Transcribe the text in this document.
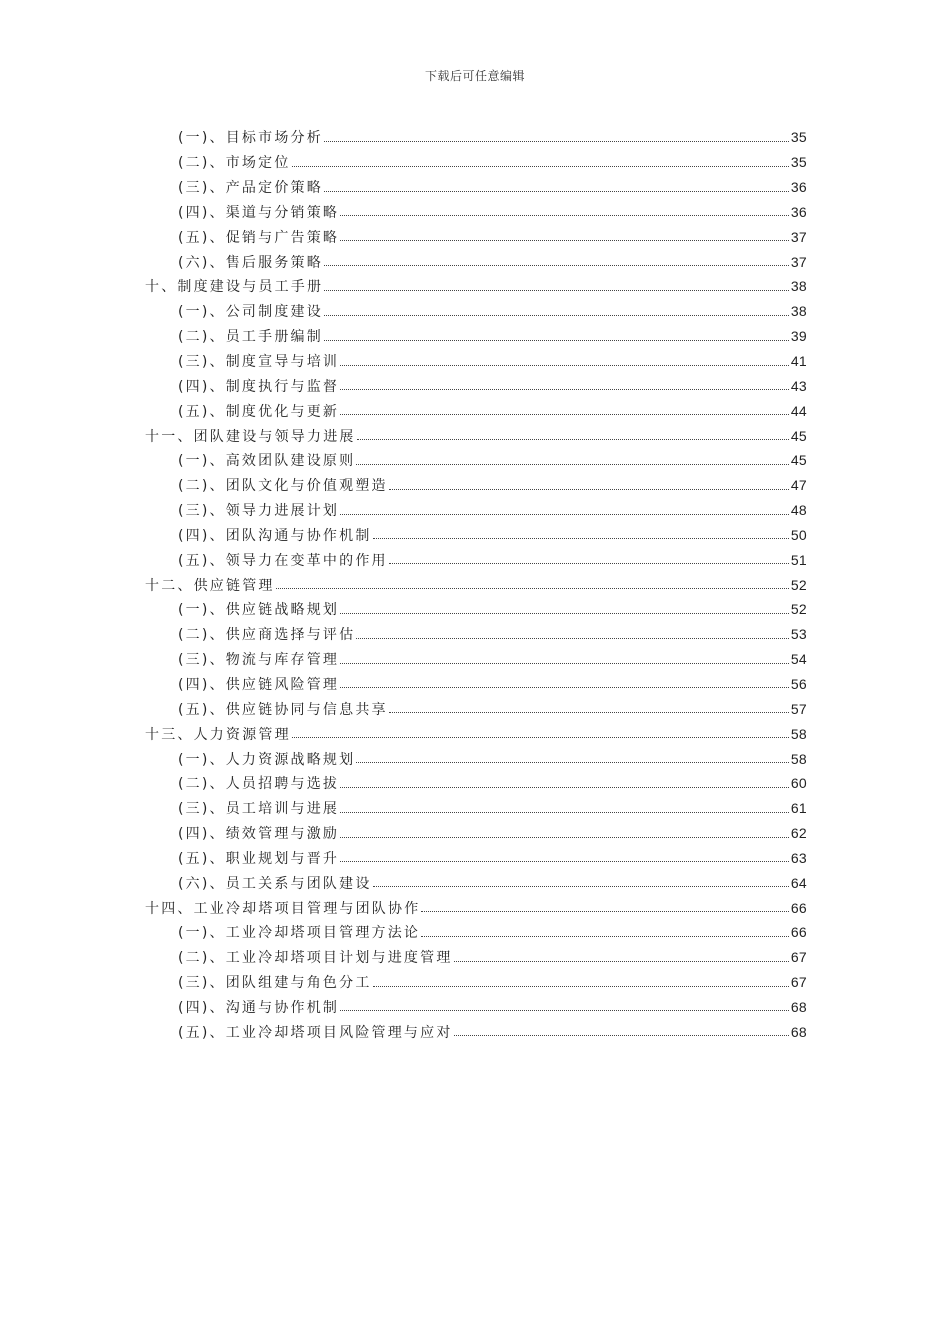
下载后可任意编辑
(一)、目标市场分析	35
(二)、市场定位	35
(三)、产品定价策略	36
(四)、渠道与分销策略	36
(五)、促销与广告策略	37
(六)、售后服务策略	37
十、制度建设与员工手册	38
(一)、公司制度建设	38
(二)、员工手册编制	39
(三)、制度宣导与培训	41
(四)、制度执行与监督	43
(五)、制度优化与更新	44
十一、团队建设与领导力进展	45
(一)、高效团队建设原则	45
(二)、团队文化与价值观塑造	47
(三)、领导力进展计划	48
(四)、团队沟通与协作机制	50
(五)、领导力在变革中的作用	51
十二、供应链管理	52
(一)、供应链战略规划	52
(二)、供应商选择与评估	53
(三)、物流与库存管理	54
(四)、供应链风险管理	56
(五)、供应链协同与信息共享	57
十三、人力资源管理	58
(一)、人力资源战略规划	58
(二)、人员招聘与选拔	60
(三)、员工培训与进展	61
(四)、绩效管理与激励	62
(五)、职业规划与晋升	63
(六)、员工关系与团队建设	64
十四、工业冷却塔项目管理与团队协作	66
(一)、工业冷却塔项目管理方法论	66
(二)、工业冷却塔项目计划与进度管理	67
(三)、团队组建与角色分工	67
(四)、沟通与协作机制	68
(五)、工业冷却塔项目风险管理与应对	68
